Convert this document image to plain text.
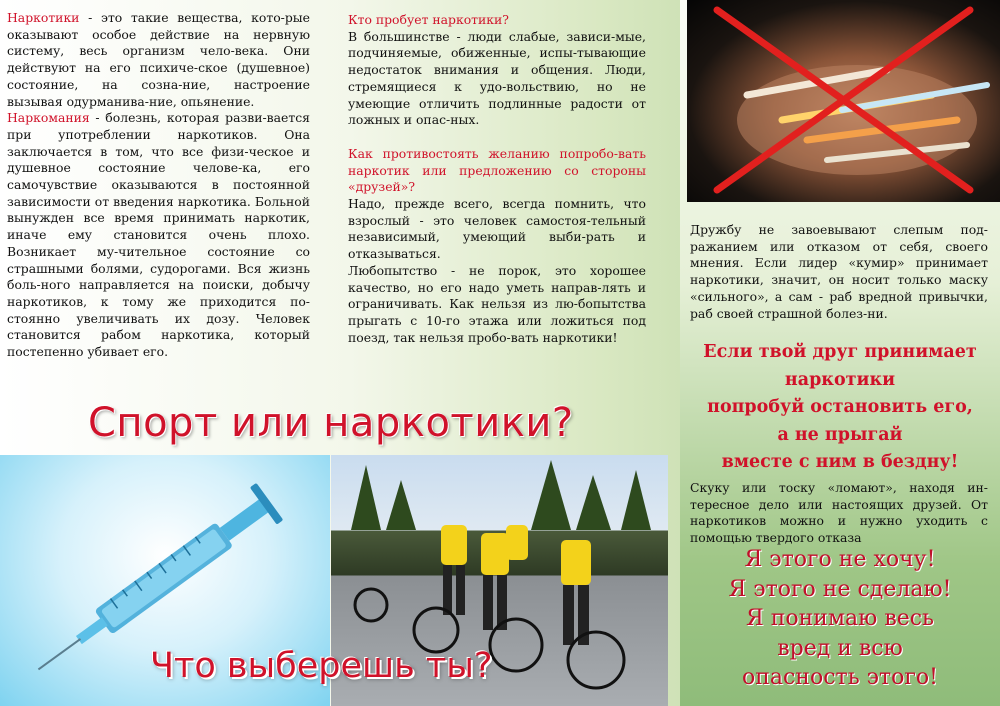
Наркотики - это такие вещества, кото-рые оказывают особое действие на нервную систему, весь организм чело-века. Они действуют на его психиче-ское (душевное) состояние, на созна-ние, настроение вызывая одурманива-ние, опьянение.

Наркомания - болезнь, которая разви-вается при употреблении наркотиков. Она заключается в том, что все физи-ческое и душевное состояние челове-ка, его самочувствие оказываются в постоянной зависимости от введения наркотика. Больной вынужден все время принимать наркотик, иначе ему становится очень плохо. Возникает му-чительное состояние со страшными болями, судорогами. Вся жизнь боль-ного направляется на поиски, добычу наркотиков, к тому же приходится по-стоянно увеличивать их дозу. Человек становится рабом наркотика, который постепенно убивает его.

Кто пробует наркотики?
В большинстве - люди слабые, зависи-мые, подчиняемые, обиженные, испы-тывающие недостаток внимания и общения. Люди, стремящиеся к удо-вольствию, но не умеющие отличить подлинные радости от ложных и опас-ных.

Как противостоять желанию попробо-вать наркотик или предложению со стороны «друзей»?
Надо, прежде всего, всегда помнить, что взрослый - это человек самостоя-тельный независимый, умеющий выби-рать и отказываться.

Любопытство - не порок, это хорошее качество, но его надо уметь направ-лять и ограничивать. Как нельзя из лю-бопытства прыгать с 10-го этажа или ложиться под поезд, так нельзя пробо-вать наркотики!

Дружбу не завоевывают слепым под-ражанием или отказом от себя, своего мнения. Если лидер «кумир» принимает наркотики, значит, он носит только маску «сильного», а сам - раб вредной привычки, раб своей страшной болез-ни.

Если твой друг принимает
наркотики
попробуй остановить его,
а не прыгай
вместе с ним в бездну!

Скуку или тоску «ломают», находя ин-тересное дело или настоящих друзей. От наркотиков можно и нужно уходить с помощью твердого отказа

Я этого не хочу!
Я этого не сделаю!
Я понимаю весь
вред и всю
опасность этого!
Спорт или наркотики?
Что выберешь ты?
